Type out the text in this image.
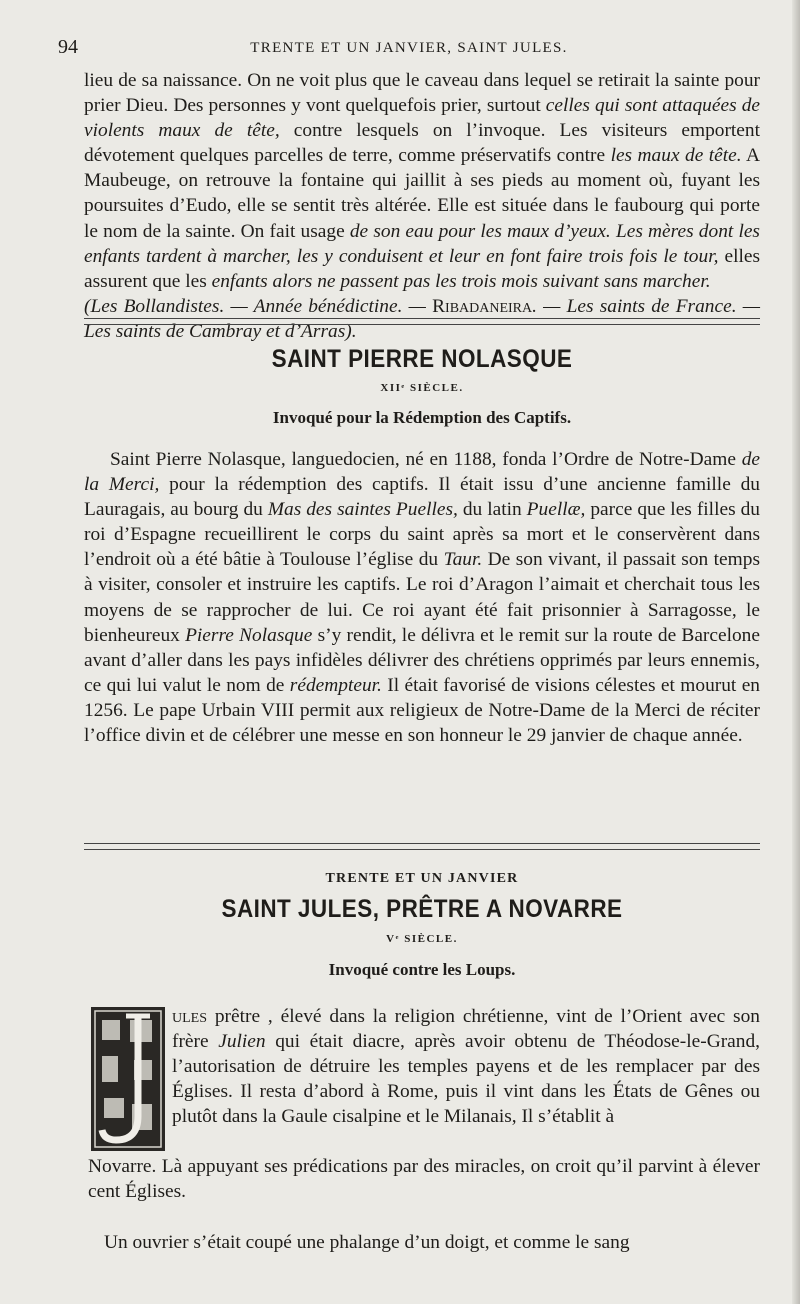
94	TRENTE ET UN JANVIER, SAINT JULES.

lieu de sa naissance. On ne voit plus que le caveau dans lequel se retirait la sainte pour prier Dieu. Des personnes y vont quelquefois prier, surtout celles qui sont attaquées de violents maux de tête, contre lesquels on l’invoque. Les visiteurs emportent dévotement quelques parcelles de terre, comme préservatifs contre les maux de tête. A Maubeuge, on retrouve la fontaine qui jaillit à ses pieds au moment où, fuyant les poursuites d’Eudo, elle se sentit très altérée. Elle est située dans le faubourg qui porte le nom de la sainte. On fait usage de son eau pour les maux d’yeux. Les mères dont les enfants tardent à marcher, les y conduisent et leur en font faire trois fois le tour, elles assurent que les enfants alors ne passent pas les trois mois suivant sans marcher.
(Les Bollandistes. — Année bénédictine. — Ribadaneira. — Les saints de France. — Les saints de Cambray et d’Arras).

SAINT PIERRE NOLASQUE
XIIᵉ SIÈCLE.
Invoqué pour la Rédemption des Captifs.

Saint Pierre Nolasque, languedocien, né en 1188, fonda l’Ordre de Notre-Dame de la Merci, pour la rédemption des captifs. Il était issu d’une ancienne famille du Lauragais, au bourg du Mas des saintes Puelles, du latin Puellæ, parce que les filles du roi d’Espagne recueillirent le corps du saint après sa mort et le conservèrent dans l’endroit où a été bâtie à Toulouse l’église du Taur. De son vivant, il passait son temps à visiter, consoler et instruire les captifs. Le roi d’Aragon l’aimait et cherchait tous les moyens de se rapprocher de lui. Ce roi ayant été fait prisonnier à Sarragosse, le bienheureux Pierre Nolasque s’y rendit, le délivra et le remit sur la route de Barcelone avant d’aller dans les pays infidèles délivrer des chrétiens opprimés par leurs ennemis, ce qui lui valut le nom de rédempteur. Il était favorisé de visions célestes et mourut en 1256. Le pape Urbain VIII permit aux religieux de Notre-Dame de la Merci de réciter l’office divin et de célébrer une messe en son honneur le 29 janvier de chaque année.

TRENTE ET UN JANVIER
SAINT JULES, PRÊTRE A NOVARRE
Vᵉ SIÈCLE.
Invoqué contre les Loups.

ules prêtre , élevé dans la religion chrétienne, vint de l’Orient avec son frère Julien qui était diacre, après avoir obtenu de Théodose-le-Grand, l’autorisation de détruire les temples payens et de les remplacer par des Églises. Il resta d’abord à Rome, puis il vint dans les États de Gênes ou plutôt dans la Gaule cisalpine et le Milanais, Il s’établit à

Novarre. Là appuyant ses prédications par des miracles, on croit qu’il parvint à élever cent Églises.

Un ouvrier s’était coupé une phalange d’un doigt, et comme le sang
